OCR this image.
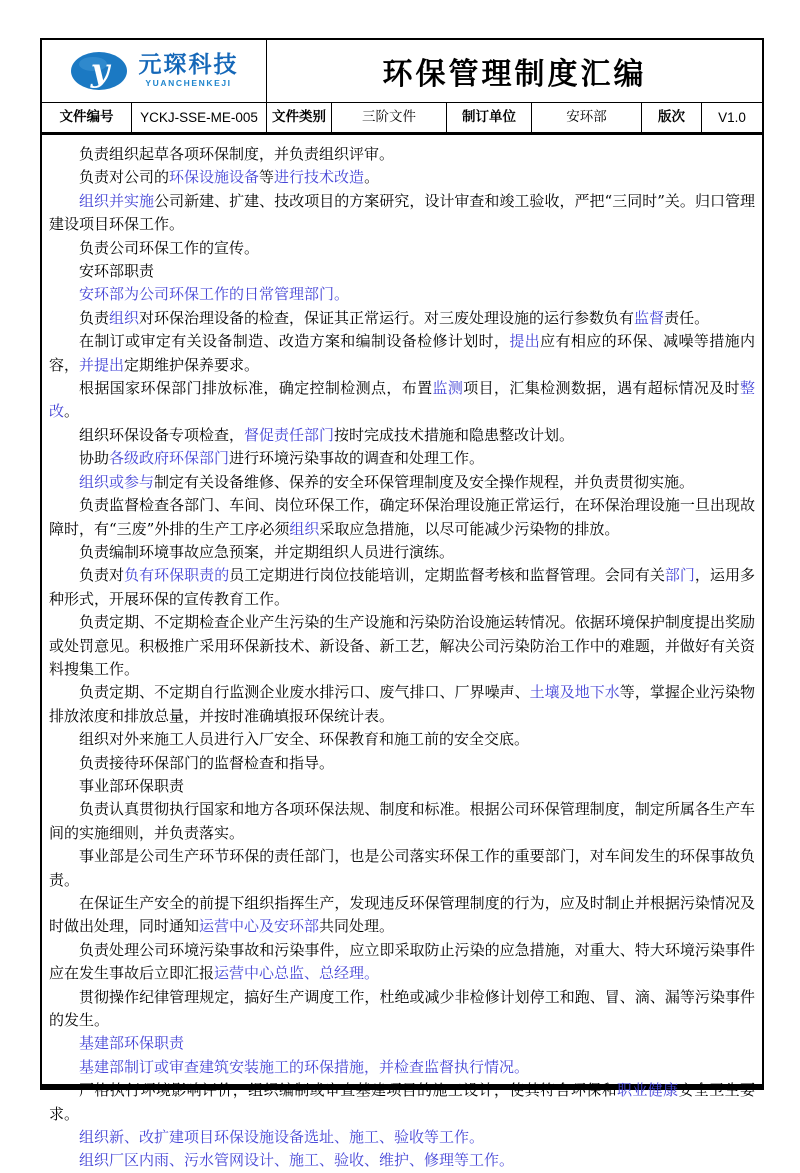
y 元琛科技
YUANCHENKEJI	环保管理制度汇编
文件编号	YCKJ-SSE-ME-005	文件类别	三阶文件	制订单位	安环部	版次	V1.0

负责组织起草各项环保制度，并负责组织评审。

负责对公司的环保设施设备等进行技术改造。

组织并实施公司新建、扩建、技改项目的方案研究，设计审查和竣工验收，严把“三同时”关。归口管理建设项目环保工作。

负责公司环保工作的宣传。

安环部职责

安环部为公司环保工作的日常管理部门。

负责组织对环保治理设备的检查，保证其正常运行。对三废处理设施的运行参数负有监督责任。

在制订或审定有关设备制造、改造方案和编制设备检修计划时，提出应有相应的环保、减噪等措施内容，并提出定期维护保养要求。

根据国家环保部门排放标准，确定控制检测点，布置监测项目，汇集检测数据，遇有超标情况及时整改。

组织环保设备专项检查，督促责任部门按时完成技术措施和隐患整改计划。

协助各级政府环保部门进行环境污染事故的调查和处理工作。

组织或参与制定有关设备维修、保养的安全环保管理制度及安全操作规程，并负责贯彻实施。

负责监督检查各部门、车间、岗位环保工作，确定环保治理设施正常运行，在环保治理设施一旦出现故障时，有“三废”外排的生产工序必须组织采取应急措施，以尽可能减少污染物的排放。

负责编制环境事故应急预案，并定期组织人员进行演练。

负责对负有环保职责的员工定期进行岗位技能培训，定期监督考核和监督管理。会同有关部门，运用多种形式，开展环保的宣传教育工作。

负责定期、不定期检查企业产生污染的生产设施和污染防治设施运转情况。依据环境保护制度提出奖励或处罚意见。积极推广采用环保新技术、新设备、新工艺，解决公司污染防治工作中的难题，并做好有关资料搜集工作。

负责定期、不定期自行监测企业废水排污口、废气排口、厂界噪声、土壤及地下水等，掌握企业污染物排放浓度和排放总量，并按时准确填报环保统计表。

组织对外来施工人员进行入厂安全、环保教育和施工前的安全交底。

负责接待环保部门的监督检查和指导。

事业部环保职责

负责认真贯彻执行国家和地方各项环保法规、制度和标准。根据公司环保管理制度，制定所属各生产车间的实施细则，并负责落实。

事业部是公司生产环节环保的责任部门，也是公司落实环保工作的重要部门，对车间发生的环保事故负责。

在保证生产安全的前提下组织指挥生产，发现违反环保管理制度的行为，应及时制止并根据污染情况及时做出处理，同时通知运营中心及安环部共同处理。

负责处理公司环境污染事故和污染事件，应立即采取防止污染的应急措施，对重大、特大环境污染事件应在发生事故后立即汇报运营中心总监、总经理。

贯彻操作纪律管理规定，搞好生产调度工作，杜绝或减少非检修计划停工和跑、冒、滴、漏等污染事件的发生。

基建部环保职责

基建部制订或审查建筑安装施工的环保措施，并检查监督执行情况。

严格执行环境影响评价，组织编制或审查基建项目的施工设计，使其符合环保和职业健康安全卫生要求。

组织新、改扩建项目环保设施设备选址、施工、验收等工作。

组织厂区内雨、污水管网设计、施工、验收、维护、修理等工作。
